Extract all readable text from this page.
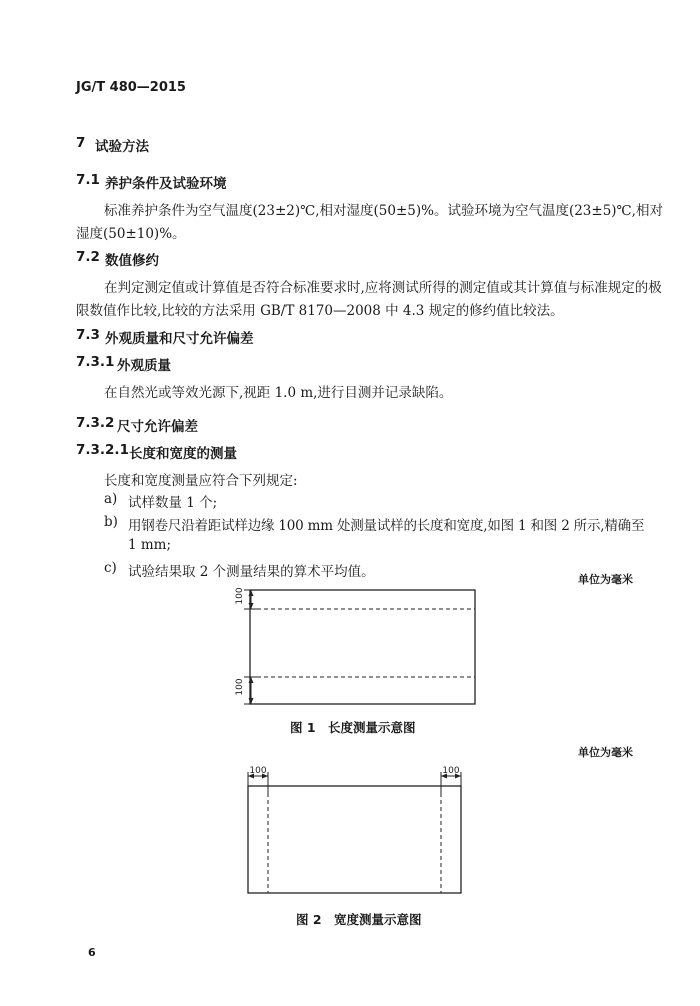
JG/T 480—2015
7 试验方法
7.1 养护条件及试验环境
标准养护条件为空气温度(23±2)℃,相对湿度(50±5)%。试验环境为空气温度(23±5)℃,相对
湿度(50±10)%。
7.2 数值修约
在判定测定值或计算值是否符合标准要求时,应将测试所得的测定值或其计算值与标准规定的极
限数值作比较,比较的方法采用 GB/T 8170—2008 中 4.3 规定的修约值比较法。
7.3 外观质量和尺寸允许偏差
7.3.1 外观质量
在自然光或等效光源下,视距 1.0 m,进行目测并记录缺陷。
7.3.2 尺寸允许偏差
7.3.2.1 长度和宽度的测量
长度和宽度测量应符合下列规定:
a) 试样数量 1 个;
b) 用钢卷尺沿着距试样边缘 100 mm 处测量试样的长度和宽度,如图 1 和图 2 所示,精确至
1 mm;
c) 试验结果取 2 个测量结果的算术平均值。	单位为毫米
100
100
100	100
图 1　长度测量示意图
单位为毫米
图 2　宽度测量示意图
6
